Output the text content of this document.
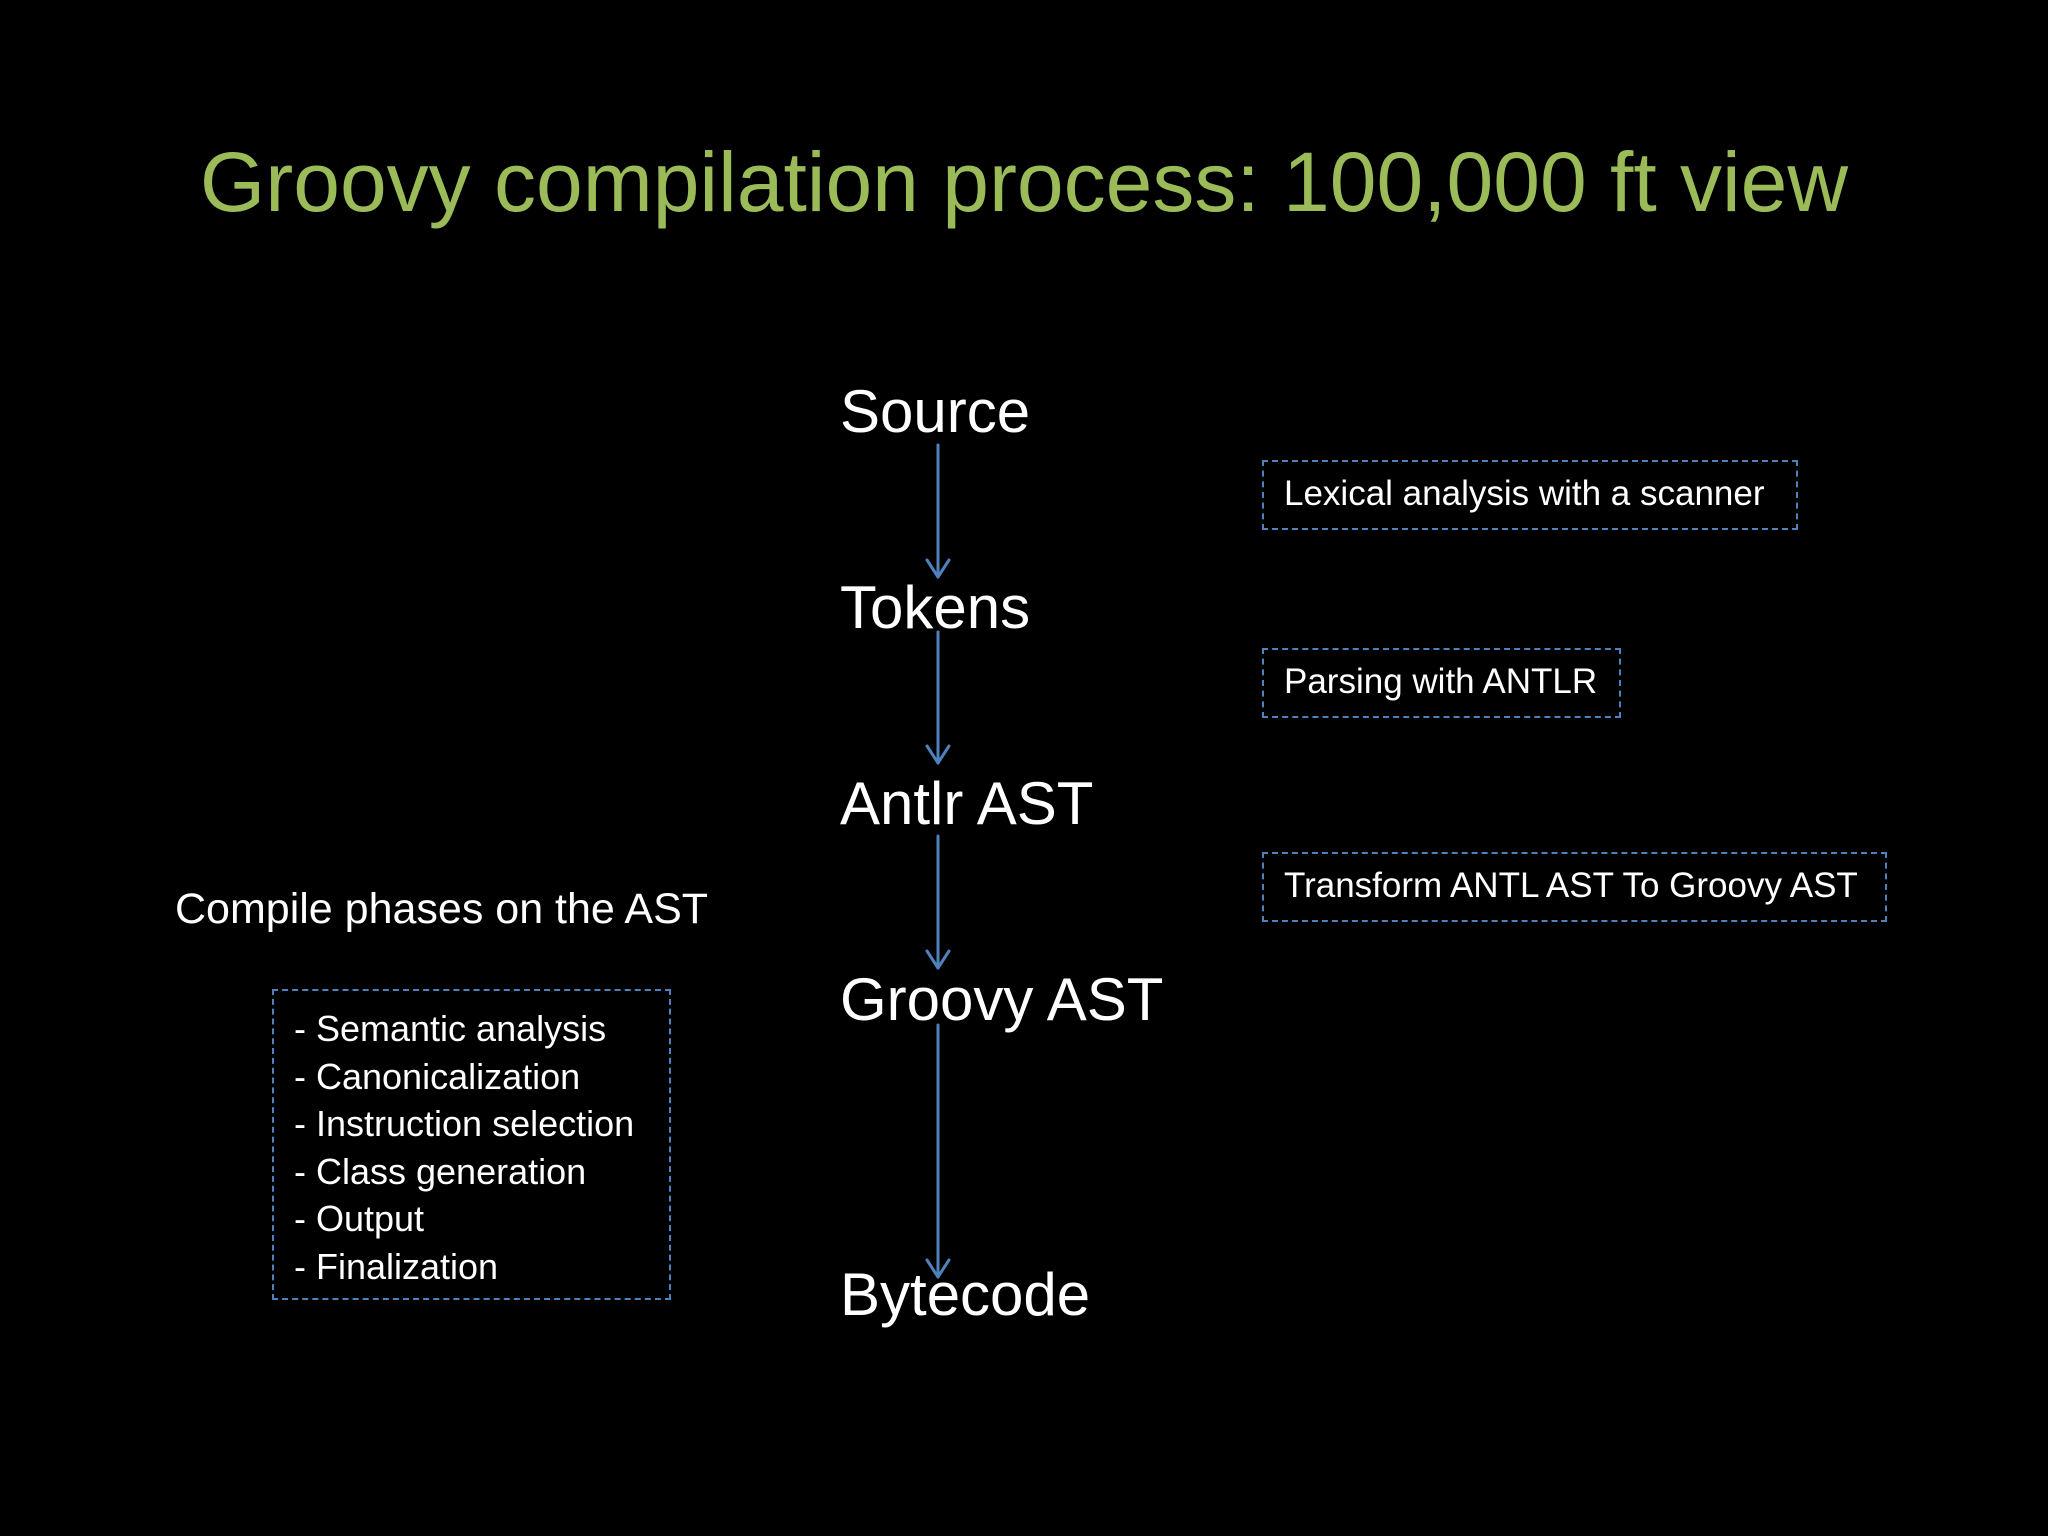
Groovy compilation process: 100,000 ft view
Source
Tokens
Antlr AST
Groovy AST
Bytecode
Lexical analysis with a scanner
Parsing with ANTLR
Transform ANTL AST To Groovy AST
Compile phases on the AST
- Semantic analysis
- Canonicalization
- Instruction selection
- Class generation
- Output
- Finalization
